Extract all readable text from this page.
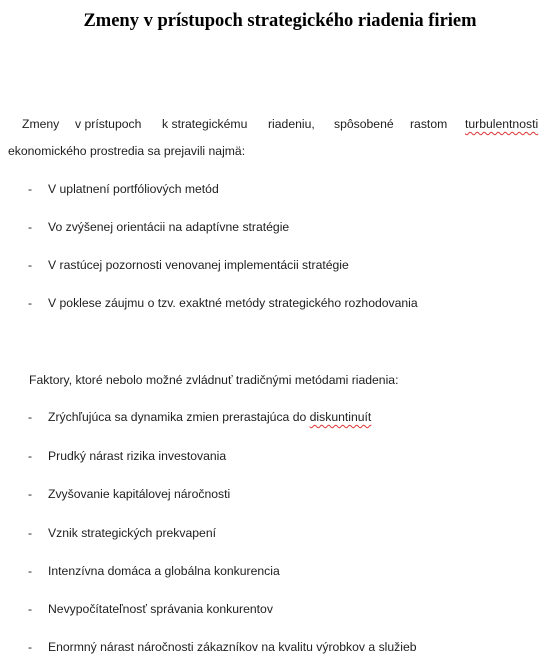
Zmeny v prístupoch strategického riadenia firiem
Zmeny v prístupoch k strategickému riadeniu, spôsobené rastom turbulentnosti
ekonomického prostredia sa prejavili najmä:
- V uplatnení portfóliových metód
- Vo zvýšenej orientácii na adaptívne stratégie
- V rastúcej pozornosti venovanej implementácii stratégie
- V poklese záujmu o tzv. exaktné metódy strategického rozhodovania
Faktory, ktoré nebolo možné zvládnuť tradičnými metódami riadenia:
- Zrýchľujúca sa dynamika zmien prerastajúca do diskuntinuít
- Prudký nárast rizika investovania
- Zvyšovanie kapitálovej náročnosti
- Vznik strategických prekvapení
- Intenzívna domáca a globálna konkurencia
- Nevypočítateľnosť správania konkurentov
- Enormný nárast náročnosti zákazníkov na kvalitu výrobkov a služieb
